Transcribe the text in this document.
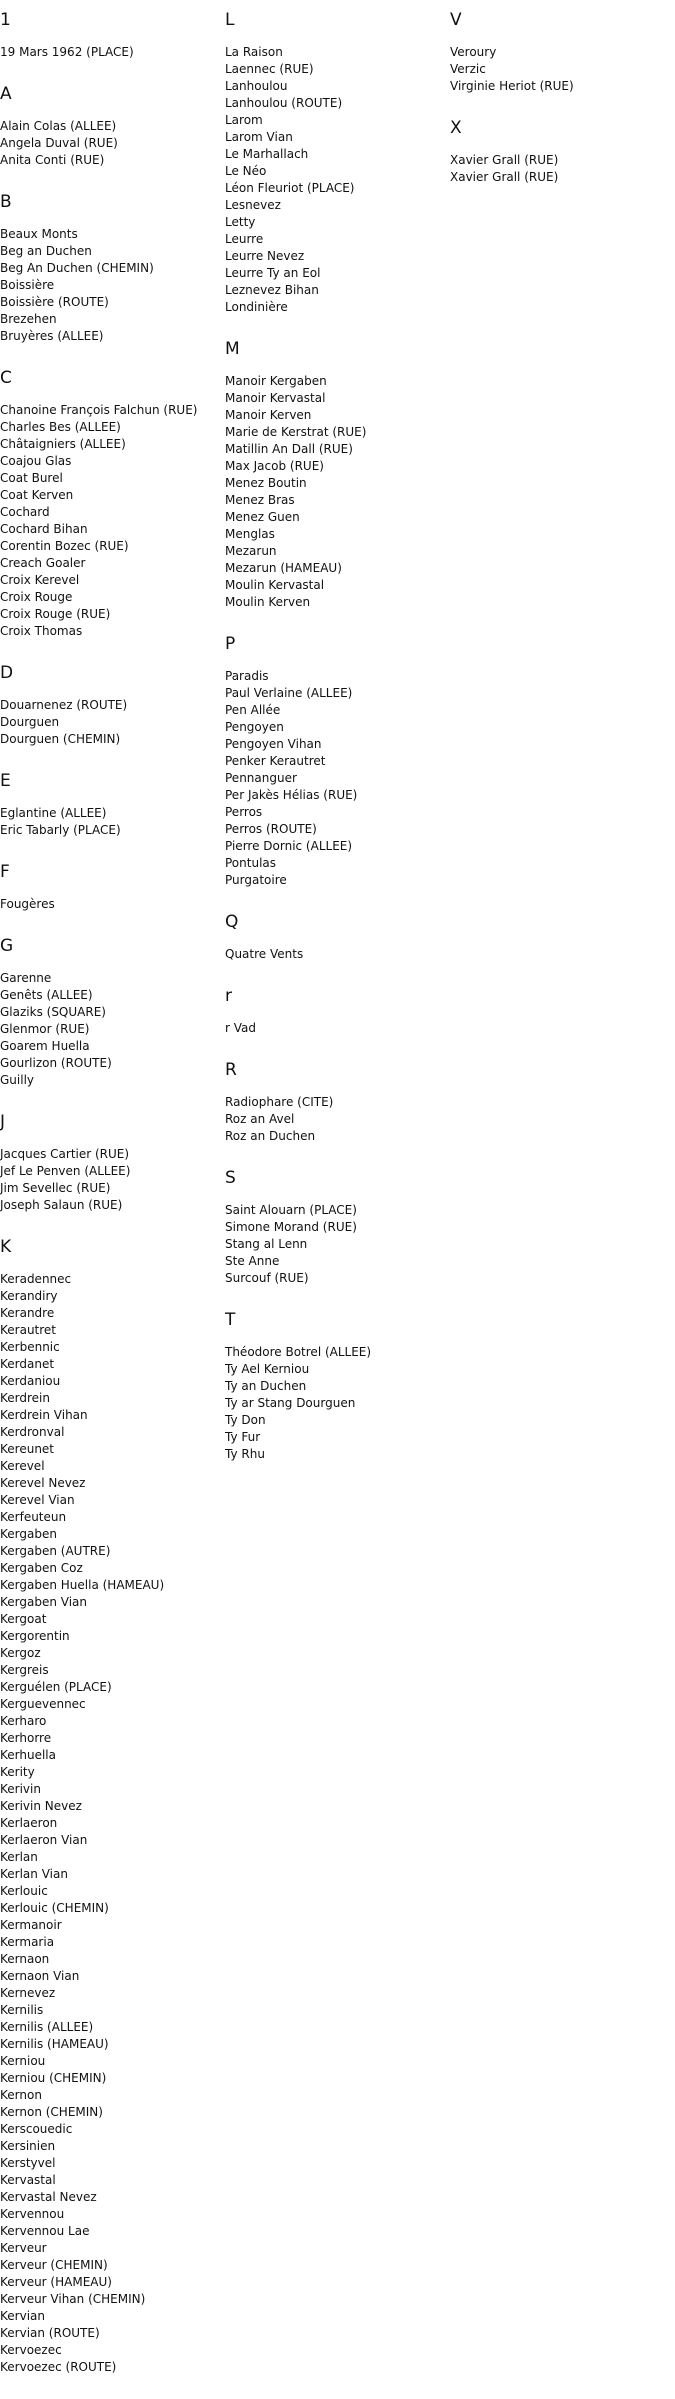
1
19 Mars 1962 (PLACE)
A
Alain Colas (ALLEE)
Angela Duval (RUE)
Anita Conti (RUE)
B
Beaux Monts
Beg an Duchen
Beg An Duchen (CHEMIN)
Boissière
Boissière (ROUTE)
Brezehen
Bruyères (ALLEE)
C
Chanoine François Falchun (RUE)
Charles Bes (ALLEE)
Châtaigniers (ALLEE)
Coajou Glas
Coat Burel
Coat Kerven
Cochard
Cochard Bihan
Corentin Bozec (RUE)
Creach Goaler
Croix Kerevel
Croix Rouge
Croix Rouge (RUE)
Croix Thomas
D
Douarnenez (ROUTE)
Dourguen
Dourguen (CHEMIN)
E
Eglantine (ALLEE)
Eric Tabarly (PLACE)
F
Fougères
G
Garenne
Genêts (ALLEE)
Glaziks (SQUARE)
Glenmor (RUE)
Goarem Huella
Gourlizon (ROUTE)
Guilly
J
Jacques Cartier (RUE)
Jef Le Penven (ALLEE)
Jim Sevellec (RUE)
Joseph Salaun (RUE)
K
Keradennec
Kerandiry
Kerandre
Kerautret
Kerbennic
Kerdanet
Kerdaniou
Kerdrein
Kerdrein Vihan
Kerdronval
Kereunet
Kerevel
Kerevel Nevez
Kerevel Vian
Kerfeuteun
Kergaben
Kergaben (AUTRE)
Kergaben Coz
Kergaben Huella (HAMEAU)
Kergaben Vian
Kergoat
Kergorentin
Kergoz
Kergreis
Kerguélen (PLACE)
Kerguevennec
Kerharo
Kerhorre
Kerhuella
Kerity
Kerivin
Kerivin Nevez
Kerlaeron
Kerlaeron Vian
Kerlan
Kerlan Vian
Kerlouic
Kerlouic (CHEMIN)
Kermanoir
Kermaria
Kernaon
Kernaon Vian
Kernevez
Kernilis
Kernilis (ALLEE)
Kernilis (HAMEAU)
Kerniou
Kerniou (CHEMIN)
Kernon
Kernon (CHEMIN)
Kerscouedic
Kersinien
Kerstyvel
Kervastal
Kervastal Nevez
Kervennou
Kervennou Lae
Kerveur
Kerveur (CHEMIN)
Kerveur (HAMEAU)
Kerveur Vihan (CHEMIN)
Kervian
Kervian (ROUTE)
Kervoezec
Kervoezec (ROUTE)
L
La Raison
Laennec (RUE)
Lanhoulou
Lanhoulou (ROUTE)
Larom
Larom Vian
Le Marhallach
Le Néo
Léon Fleuriot (PLACE)
Lesnevez
Letty
Leurre
Leurre Nevez
Leurre Ty an Eol
Leznevez Bihan
Londinière
M
Manoir Kergaben
Manoir Kervastal
Manoir Kerven
Marie de Kerstrat (RUE)
Matillin An Dall (RUE)
Max Jacob (RUE)
Menez Boutin
Menez Bras
Menez Guen
Menglas
Mezarun
Mezarun (HAMEAU)
Moulin Kervastal
Moulin Kerven
P
Paradis
Paul Verlaine (ALLEE)
Pen Allée
Pengoyen
Pengoyen Vihan
Penker Kerautret
Pennanguer
Per Jakès Hélias (RUE)
Perros
Perros (ROUTE)
Pierre Dornic (ALLEE)
Pontulas
Purgatoire
Q
Quatre Vents
r
r Vad
R
Radiophare (CITE)
Roz an Avel
Roz an Duchen
S
Saint Alouarn (PLACE)
Simone Morand (RUE)
Stang al Lenn
Ste Anne
Surcouf (RUE)
T
Théodore Botrel (ALLEE)
Ty Ael Kerniou
Ty an Duchen
Ty ar Stang Dourguen
Ty Don
Ty Fur
Ty Rhu
V
Veroury
Verzic
Virginie Heriot (RUE)
X
Xavier Grall (RUE)
Xavier Grall (RUE)
